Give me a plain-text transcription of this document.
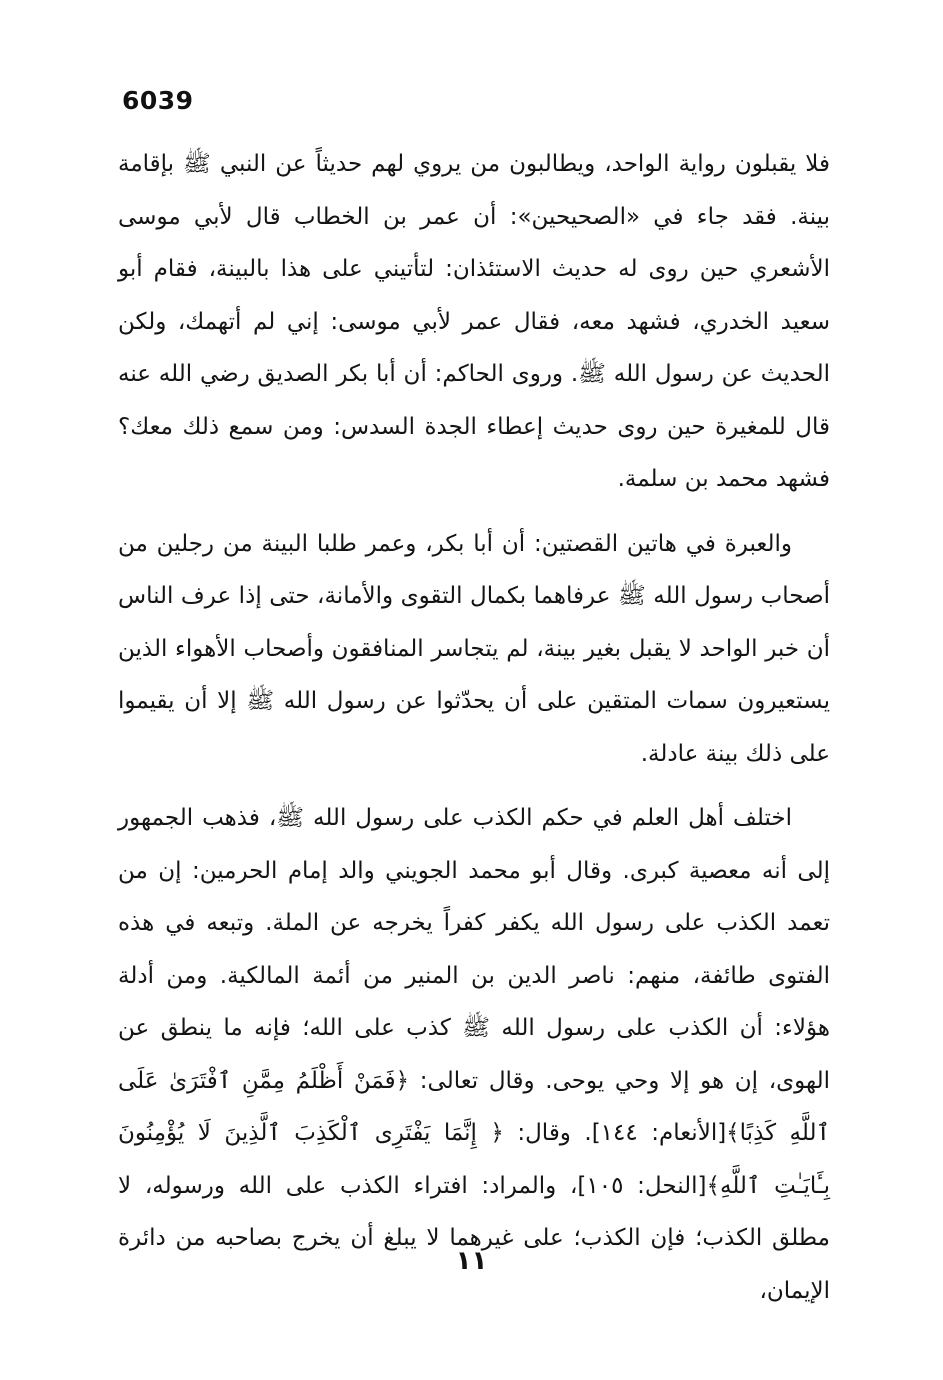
6039

فلا يقبلون رواية الواحد، ويطالبون من يروي لهم حديثاً عن النبي ﷺ بإقامة بينة. فقد جاء في «الصحيحين»: أن عمر بن الخطاب قال لأبي موسى الأشعري حين روى له حديث الاستئذان: لتأتيني على هذا بالبينة، فقام أبو سعيد الخدري، فشهد معه، فقال عمر لأبي موسى: إني لم أتهمك، ولكن الحديث عن رسول الله ﷺ. وروى الحاكم: أن أبا بكر الصديق رضي الله عنه قال للمغيرة حين روى حديث إعطاء الجدة السدس: ومن سمع ذلك معك؟ فشهد محمد بن سلمة.

والعبرة في هاتين القصتين: أن أبا بكر، وعمر طلبا البينة من رجلين من أصحاب رسول الله ﷺ عرفاهما بكمال التقوى والأمانة، حتى إذا عرف الناس أن خبر الواحد لا يقبل بغير بينة، لم يتجاسر المنافقون وأصحاب الأهواء الذين يستعيرون سمات المتقين على أن يحدّثوا عن رسول الله ﷺ إلا أن يقيموا على ذلك بينة عادلة.

اختلف أهل العلم في حكم الكذب على رسول الله ﷺ، فذهب الجمهور إلى أنه معصية كبرى. وقال أبو محمد الجويني والد إمام الحرمين: إن من تعمد الكذب على رسول الله يكفر كفراً يخرجه عن الملة. وتبعه في هذه الفتوى طائفة، منهم: ناصر الدين بن المنير من أئمة المالكية. ومن أدلة هؤلاء: أن الكذب على رسول الله ﷺ كذب على الله؛ فإنه ما ينطق عن الهوى، إن هو إلا وحي يوحى. وقال تعالى: ﴿فَمَنْ أَظْلَمُ مِمَّنِ ٱفْتَرَىٰ عَلَى ٱللَّهِ كَذِبًا﴾[الأنعام: ١٤٤]. وقال: ﴿ إِنَّمَا يَفْتَرِى ٱلْكَذِبَ ٱلَّذِينَ لَا يُؤْمِنُونَ بِـَٔايَـٰتِ ٱللَّهِ﴾[النحل: ١٠٥]، والمراد: افتراء الكذب على الله ورسوله، لا مطلق الكذب؛ فإن الكذب؛ على غيرهما لا يبلغ أن يخرج بصاحبه من دائرة الإيمان،

١١
